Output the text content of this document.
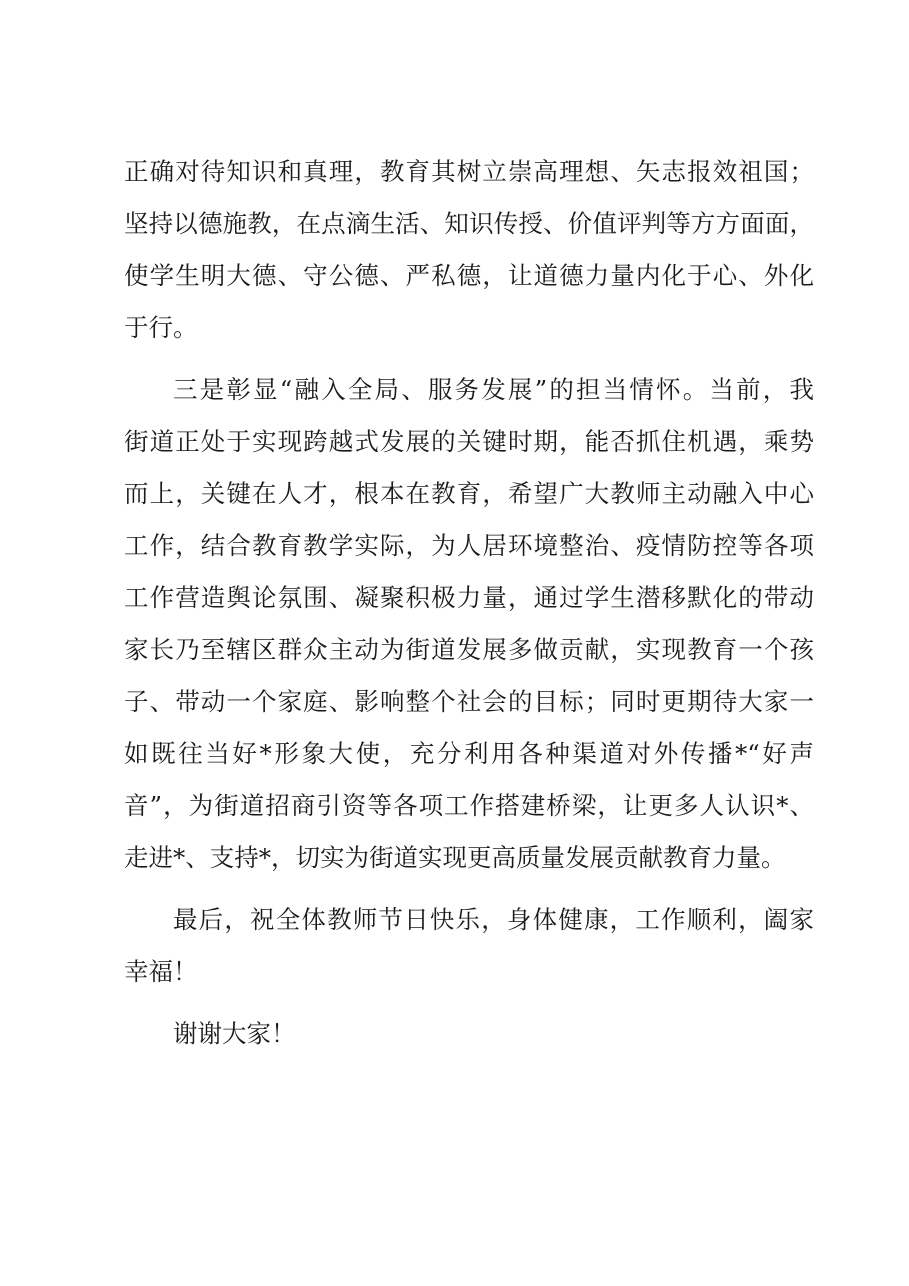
正确对待知识和真理，教育其树立崇高理想、矢志报效祖国；
坚持以德施教，在点滴生活、知识传授、价值评判等方方面面，
使学生明大德、守公德、严私德，让道德力量内化于心、外化
于行。
三是彰显“融入全局、服务发展”的担当情怀。当前，我
街道正处于实现跨越式发展的关键时期，能否抓住机遇，乘势
而上，关键在人才，根本在教育，希望广大教师主动融入中心
工作，结合教育教学实际，为人居环境整治、疫情防控等各项
工作营造舆论氛围、凝聚积极力量，通过学生潜移默化的带动
家长乃至辖区群众主动为街道发展多做贡献，实现教育一个孩
子、带动一个家庭、影响整个社会的目标；同时更期待大家一
如既往当好*形象大使，充分利用各种渠道对外传播*“好声
音”，为街道招商引资等各项工作搭建桥梁，让更多人认识*、
走进*、支持*，切实为街道实现更高质量发展贡献教育力量。
最后，祝全体教师节日快乐，身体健康，工作顺利，阖家
幸福！
谢谢大家！
